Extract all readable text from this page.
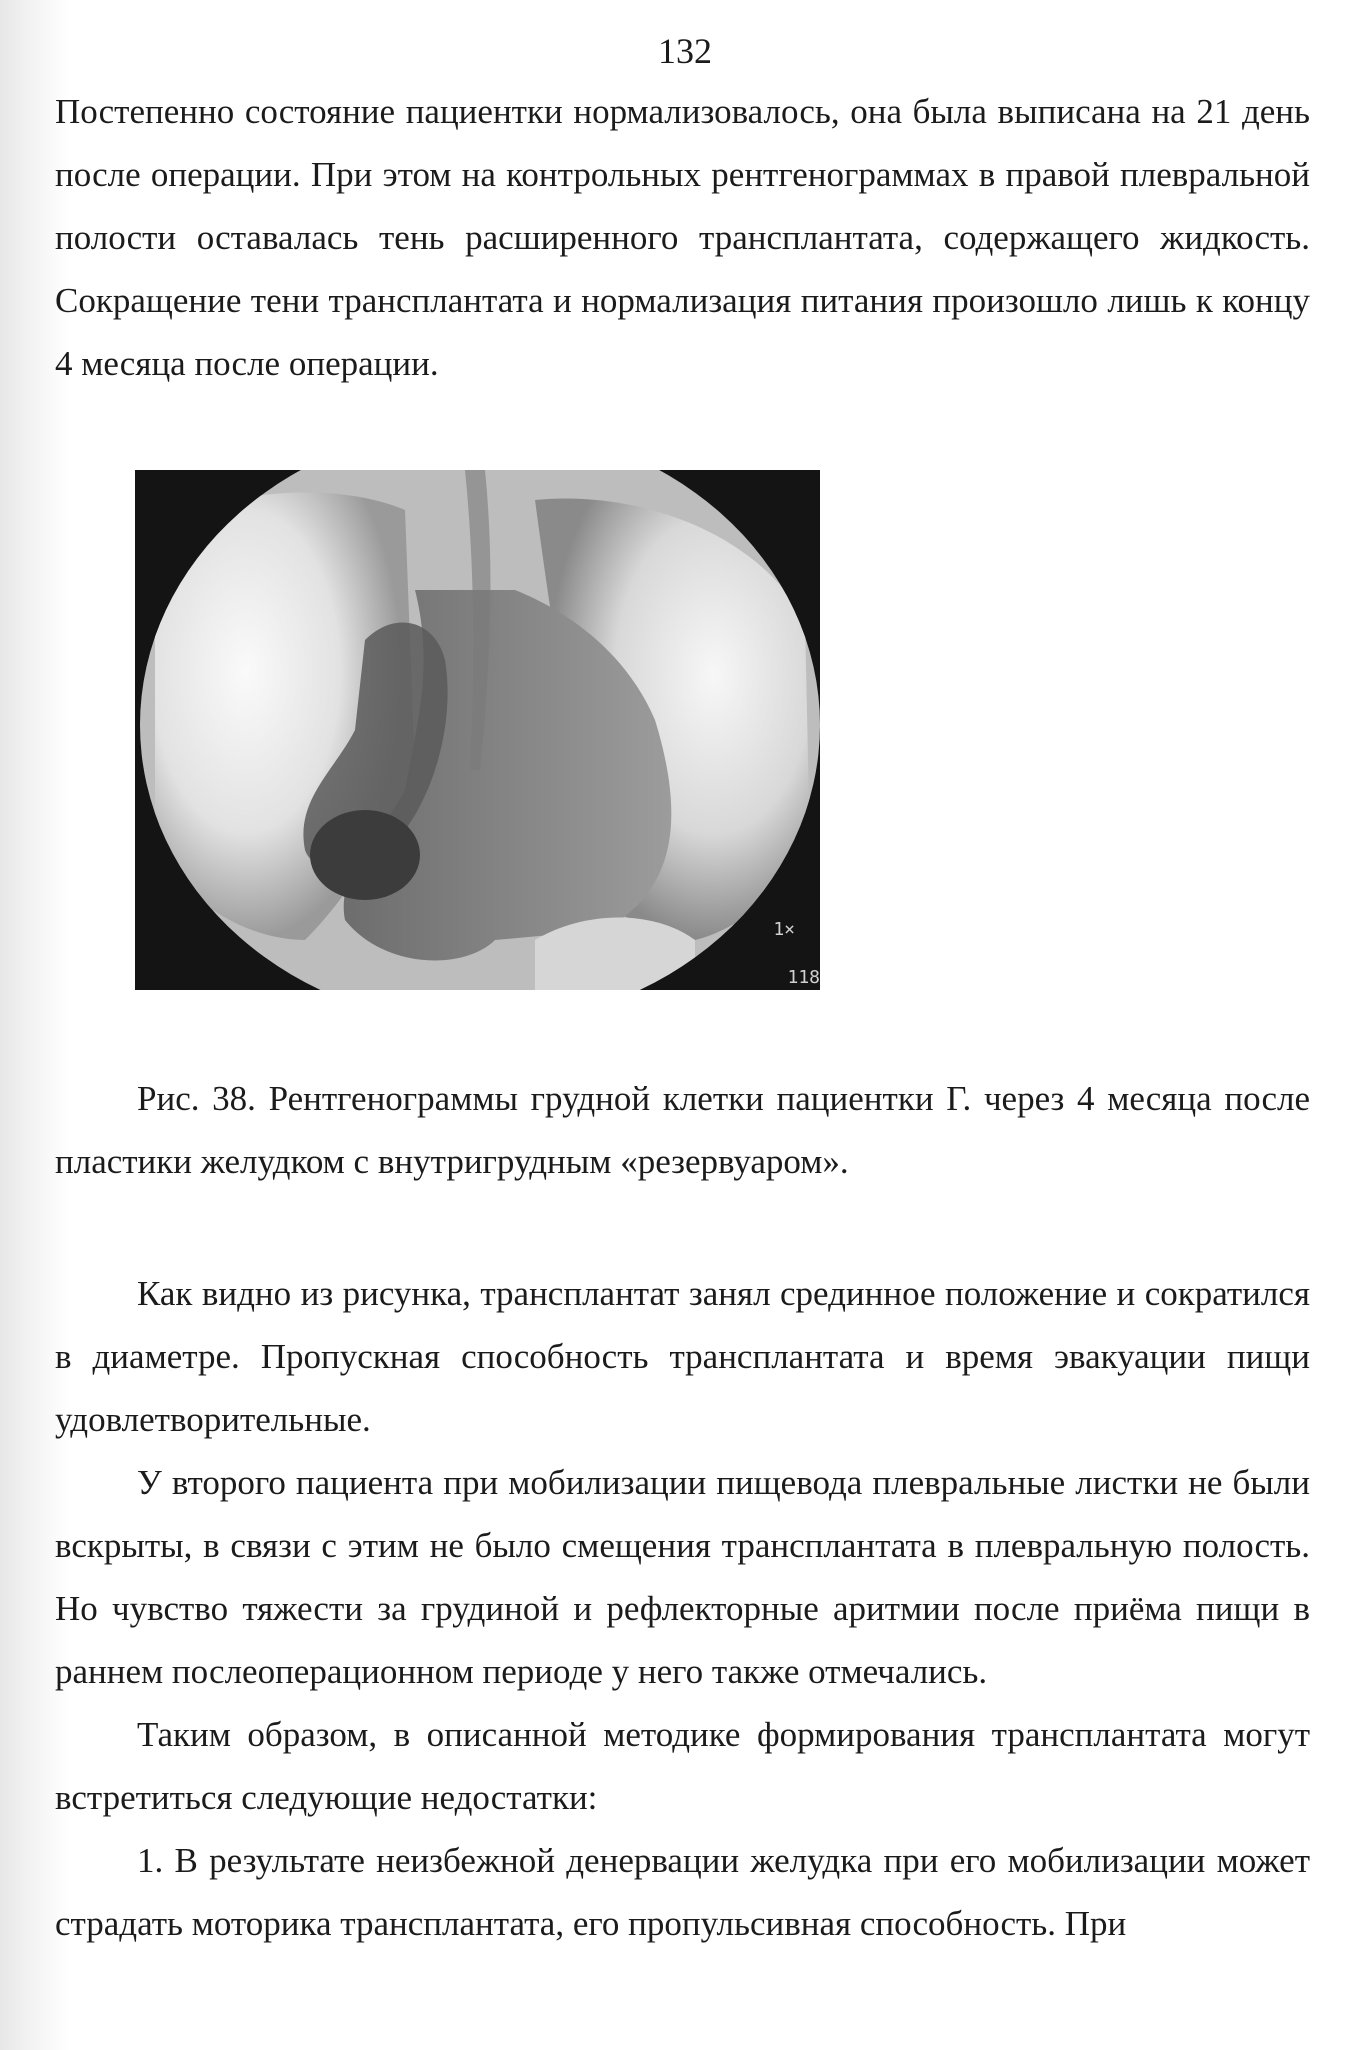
132

Постепенно состояние пациентки нормализовалось, она была выписана на 21 день после операции. При этом на контрольных рентгенограммах в правой плевральной полости оставалась тень расширенного трансплантата, содержащего жидкость. Сокращение тени трансплантата и нормализация питания произошло лишь к концу 4 месяца после операции.

1×
118

Рис. 38. Рентгенограммы грудной клетки пациентки Г. через 4 месяца после пластики желудком с внутригрудным «резервуаром».

Как видно из рисунка, трансплантат занял срединное положение и сократился в диаметре. Пропускная способность трансплантата и время эвакуации пищи удовлетворительные.

У второго пациента при мобилизации пищевода плевральные листки не были вскрыты, в связи с этим не было смещения трансплантата в плевральную полость. Но чувство тяжести за грудиной и рефлекторные аритмии после приёма пищи в раннем послеоперационном периоде у него также отмечались.

Таким образом, в описанной методике формирования трансплантата могут встретиться следующие недостатки:

1. В результате неизбежной денервации желудка при его мобилизации может страдать моторика трансплантата, его пропульсивная способность. При
